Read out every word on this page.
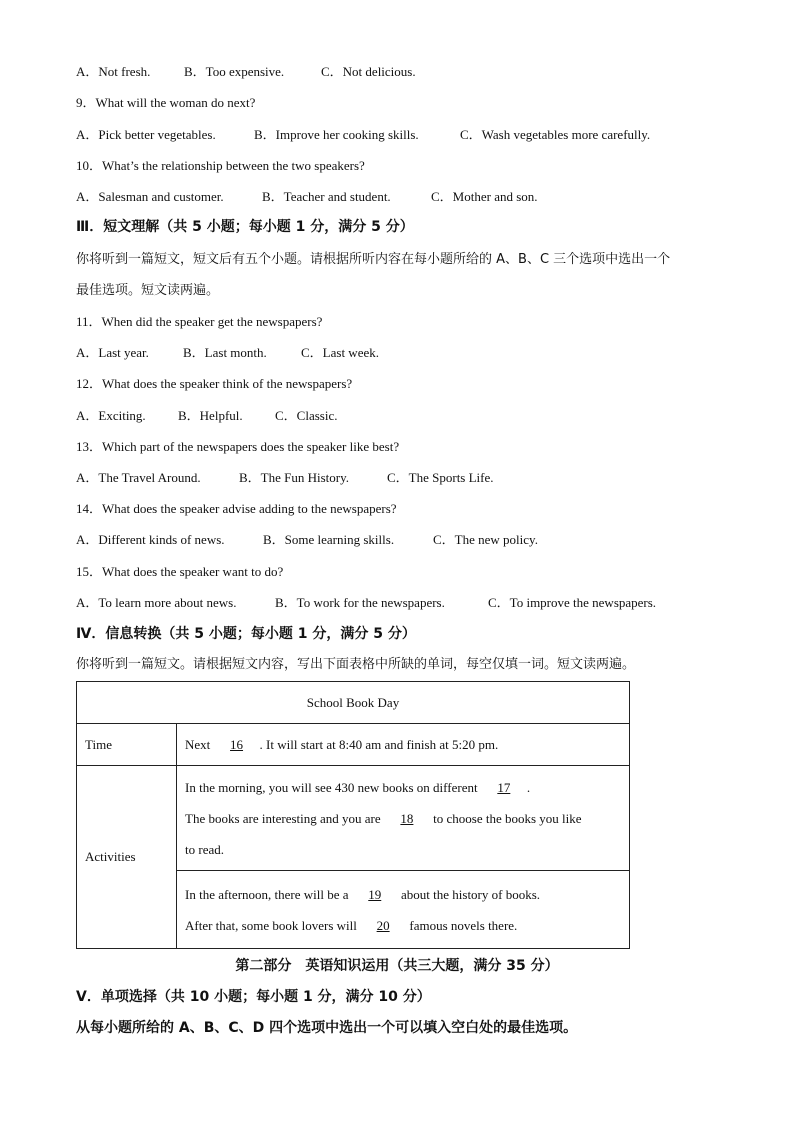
A．Not fresh.	B．Too expensive.	C．Not delicious.
9．What will the woman do next?
A．Pick better vegetables.	B．Improve her cooking skills.	C．Wash vegetables more carefully.
10．What’s the relationship between the two speakers?
A．Salesman and customer.	B．Teacher and student.	C．Mother and son.
Ⅲ．短文理解（共 5 小题；每小题 1 分，满分 5 分）
你将听到一篇短文，短文后有五个小题。请根据所听内容在每小题所给的 A、B、C 三个选项中选出一个
最佳选项。短文读两遍。
11．When did the speaker get the newspapers?
A．Last year.	B．Last month.	C．Last week.
12．What does the speaker think of the newspapers?
A．Exciting. B．Helpful. C．Classic.
13．Which part of the newspapers does the speaker like best?
A．The Travel Around.	B．The Fun History.	C．The Sports Life.
14．What does the speaker advise adding to the newspapers?
A．Different kinds of news.	B．Some learning skills.	C．The new policy.
15．What does the speaker want to do?
A．To learn more about news.	B．To work for the newspapers.	C．To improve the newspapers.
Ⅳ．信息转换（共 5 小题；每小题 1 分，满分 5 分）
你将听到一篇短文。请根据短文内容，写出下面表格中所缺的单词，每空仅填一词。短文读两遍。
School Book Day	
Time	Next 16 . It will start at 8:40 am and finish at 5:20 pm.
Activities	In the morning, you will see 430 new books on different 17 .
The books are interesting and you are 18 to choose the books you like
to read.

	In the afternoon, there will be a 19 about the history of books.
After that, some book lovers will 20 famous novels there.
第二部分　英语知识运用（共三大题，满分 35 分）
Ⅴ．单项选择（共 10 小题；每小题 1 分，满分 10 分）
从每小题所给的 A、B、C、D 四个选项中选出一个可以填入空白处的最佳选项。
